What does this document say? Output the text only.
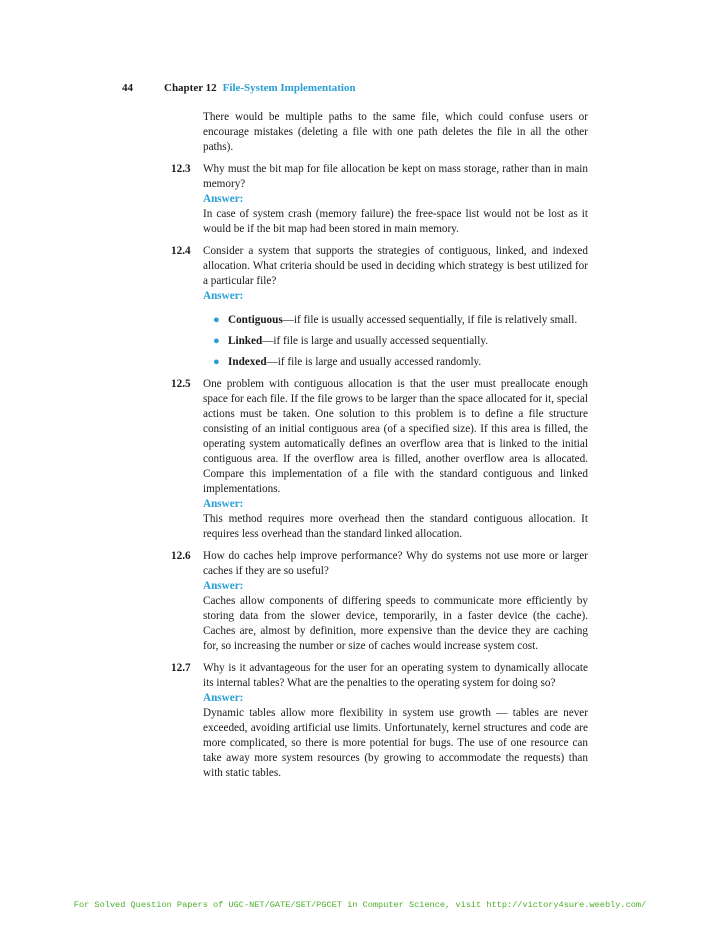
44	Chapter 12 File-System Implementation
There would be multiple paths to the same file, which could confuse users or encourage mistakes (deleting a file with one path deletes the file in all the other paths).
12.3	Why must the bit map for file allocation be kept on mass storage, rather than in main memory?
Answer:
In case of system crash (memory failure) the free-space list would not be lost as it would be if the bit map had been stored in main memory.
12.4	Consider a system that supports the strategies of contiguous, linked, and indexed allocation. What criteria should be used in deciding which strategy is best utilized for a particular file?
Answer:
● Contiguous—if file is usually accessed sequentially, if file is relatively small.
● Linked—if file is large and usually accessed sequentially.
● Indexed—if file is large and usually accessed randomly.
12.5	One problem with contiguous allocation is that the user must preallocate enough space for each file. If the file grows to be larger than the space allocated for it, special actions must be taken. One solution to this problem is to define a file structure consisting of an initial contiguous area (of a specified size). If this area is filled, the operating system automatically defines an overflow area that is linked to the initial contiguous area. If the overflow area is filled, another overflow area is allocated. Compare this implementation of a file with the standard contiguous and linked implementations.
Answer:
This method requires more overhead then the standard contiguous allocation. It requires less overhead than the standard linked allocation.
12.6	How do caches help improve performance? Why do systems not use more or larger caches if they are so useful?
Answer:
Caches allow components of differing speeds to communicate more efficiently by storing data from the slower device, temporarily, in a faster device (the cache). Caches are, almost by definition, more expensive than the device they are caching for, so increasing the number or size of caches would increase system cost.
12.7	Why is it advantageous for the user for an operating system to dynamically allocate its internal tables? What are the penalties to the operating system for doing so?
Answer:
Dynamic tables allow more flexibility in system use growth — tables are never exceeded, avoiding artificial use limits. Unfortunately, kernel structures and code are more complicated, so there is more potential for bugs. The use of one resource can take away more system resources (by growing to accommodate the requests) than with static tables.
For Solved Question Papers of UGC-NET/GATE/SET/PGCET in Computer Science, visit http://victory4sure.weebly.com/
